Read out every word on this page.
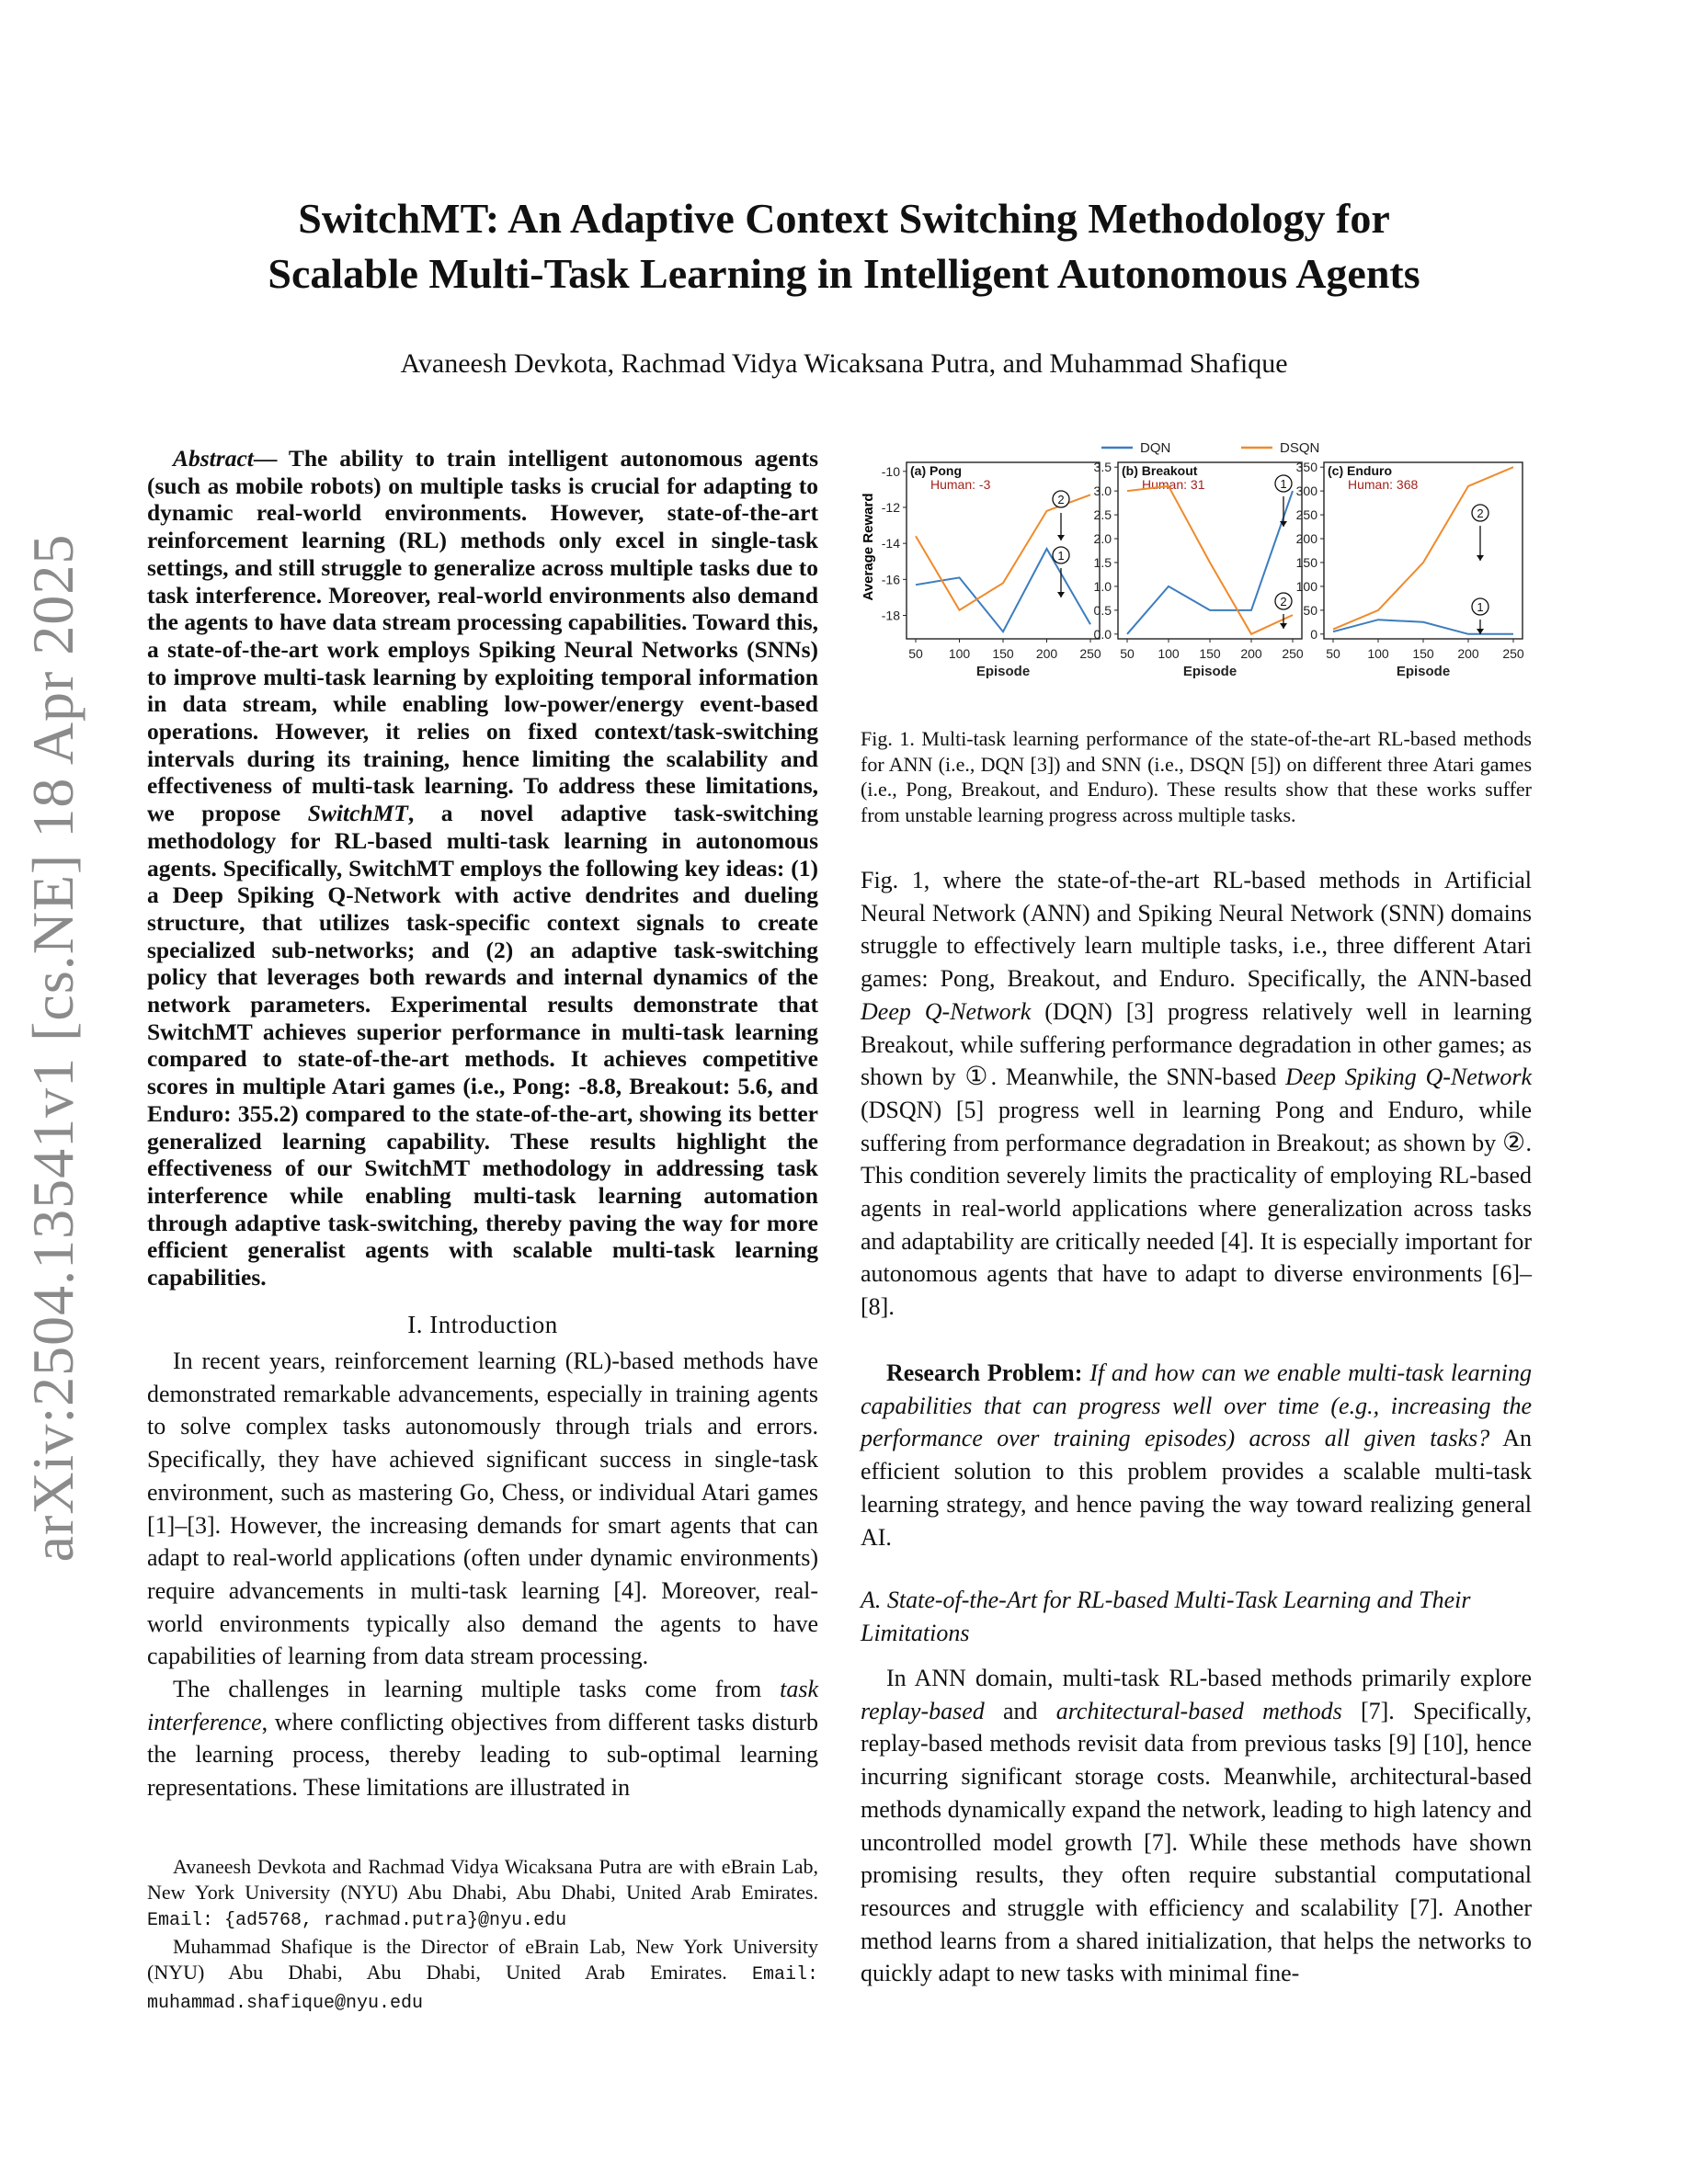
arXiv:2504.13541v1 [cs.NE] 18 Apr 2025
SwitchMT: An Adaptive Context Switching Methodology for
Scalable Multi-Task Learning in Intelligent Autonomous Agents
Avaneesh Devkota, Rachmad Vidya Wicaksana Putra, and Muhammad Shafique

Abstract— The ability to train intelligent autonomous agents (such as mobile robots) on multiple tasks is crucial for adapting to dynamic real-world environments. However, state-of-the-art reinforcement learning (RL) methods only excel in single-task settings, and still struggle to generalize across multiple tasks due to task interference. Moreover, real-world environments also demand the agents to have data stream processing capabilities. Toward this, a state-of-the-art work employs Spiking Neural Networks (SNNs) to improve multi-task learning by exploiting temporal information in data stream, while enabling low-power/energy event-based operations. However, it relies on fixed context/task-switching intervals during its training, hence limiting the scalability and effectiveness of multi-task learning. To address these limitations, we propose SwitchMT, a novel adaptive task-switching methodology for RL-based multi-task learning in autonomous agents. Specifically, SwitchMT employs the following key ideas: (1) a Deep Spiking Q-Network with active dendrites and dueling structure, that utilizes task-specific context signals to create specialized sub-networks; and (2) an adaptive task-switching policy that leverages both rewards and internal dynamics of the network parameters. Experimental results demonstrate that SwitchMT achieves superior performance in multi-task learning compared to state-of-the-art methods. It achieves competitive scores in multiple Atari games (i.e., Pong: -8.8, Breakout: 5.6, and Enduro: 355.2) compared to the state-of-the-art, showing its better generalized learning capability. These results highlight the effectiveness of our SwitchMT methodology in addressing task interference while enabling multi-task learning automation through adaptive task-switching, thereby paving the way for more efficient generalist agents with scalable multi-task learning capabilities.

I. Introduction

In recent years, reinforcement learning (RL)-based methods have demonstrated remarkable advancements, especially in training agents to solve complex tasks autonomously through trials and errors. Specifically, they have achieved significant success in single-task environment, such as mastering Go, Chess, or individual Atari games [1]–[3]. However, the increasing demands for smart agents that can adapt to real-world applications (often under dynamic environments) require advancements in multi-task learning [4]. Moreover, real-world environments typically also demand the agents to have capabilities of learning from data stream processing.

The challenges in learning multiple tasks come from task interference, where conflicting objectives from different tasks disturb the learning process, thereby leading to sub-optimal learning representations. These limitations are illustrated in

Avaneesh Devkota and Rachmad Vidya Wicaksana Putra are with eBrain Lab, New York University (NYU) Abu Dhabi, Abu Dhabi, United Arab Emirates. Email: {ad5768, rachmad.putra}@nyu.edu

Muhammad Shafique is the Director of eBrain Lab, New York University (NYU) Abu Dhabi, Abu Dhabi, United Arab Emirates. Email: muhammad.shafique@nyu.edu

DQN	DSQN
Average Reward
-10
-12
-14
-16
-18
50 100 150 200 250
Episode
(a) Pong
Human: -3
3.5
3.0
2.5
2.0
1.5
1.0
0.5
0.0
50 100 150 200 250
Episode
(b) Breakout
Human: 31
350
300
250
200
150
100
50
0
50 100 150 200 250
Episode
(c) Enduro
Human: 368
2
1
1
2
2
1
Fig. 1. Multi-task learning performance of the state-of-the-art RL-based methods for ANN (i.e., DQN [3]) and SNN (i.e., DSQN [5]) on different three Atari games (i.e., Pong, Breakout, and Enduro). These results show that these works suffer from unstable learning progress across multiple tasks.

Fig. 1, where the state-of-the-art RL-based methods in Artificial Neural Network (ANN) and Spiking Neural Network (SNN) domains struggle to effectively learn multiple tasks, i.e., three different Atari games: Pong, Breakout, and Enduro. Specifically, the ANN-based Deep Q-Network (DQN) [3] progress relatively well in learning Breakout, while suffering performance degradation in other games; as shown by ①. Meanwhile, the SNN-based Deep Spiking Q-Network (DSQN) [5] progress well in learning Pong and Enduro, while suffering from performance degradation in Breakout; as shown by ②. This condition severely limits the practicality of employing RL-based agents in real-world applications where generalization across tasks and adaptability are critically needed [4]. It is especially important for autonomous agents that have to adapt to diverse environments [6]–[8].

Research Problem: If and how can we enable multi-task learning capabilities that can progress well over time (e.g., increasing the performance over training episodes) across all given tasks? An efficient solution to this problem provides a scalable multi-task learning strategy, and hence paving the way toward realizing general AI.

A. State-of-the-Art for RL-based Multi-Task Learning and Their Limitations

In ANN domain, multi-task RL-based methods primarily explore replay-based and architectural-based methods [7]. Specifically, replay-based methods revisit data from previous tasks [9] [10], hence incurring significant storage costs. Meanwhile, architectural-based methods dynamically expand the network, leading to high latency and uncontrolled model growth [7]. While these methods have shown promising results, they often require substantial computational resources and struggle with efficiency and scalability [7]. Another method learns from a shared initialization, that helps the networks to quickly adapt to new tasks with minimal fine-
